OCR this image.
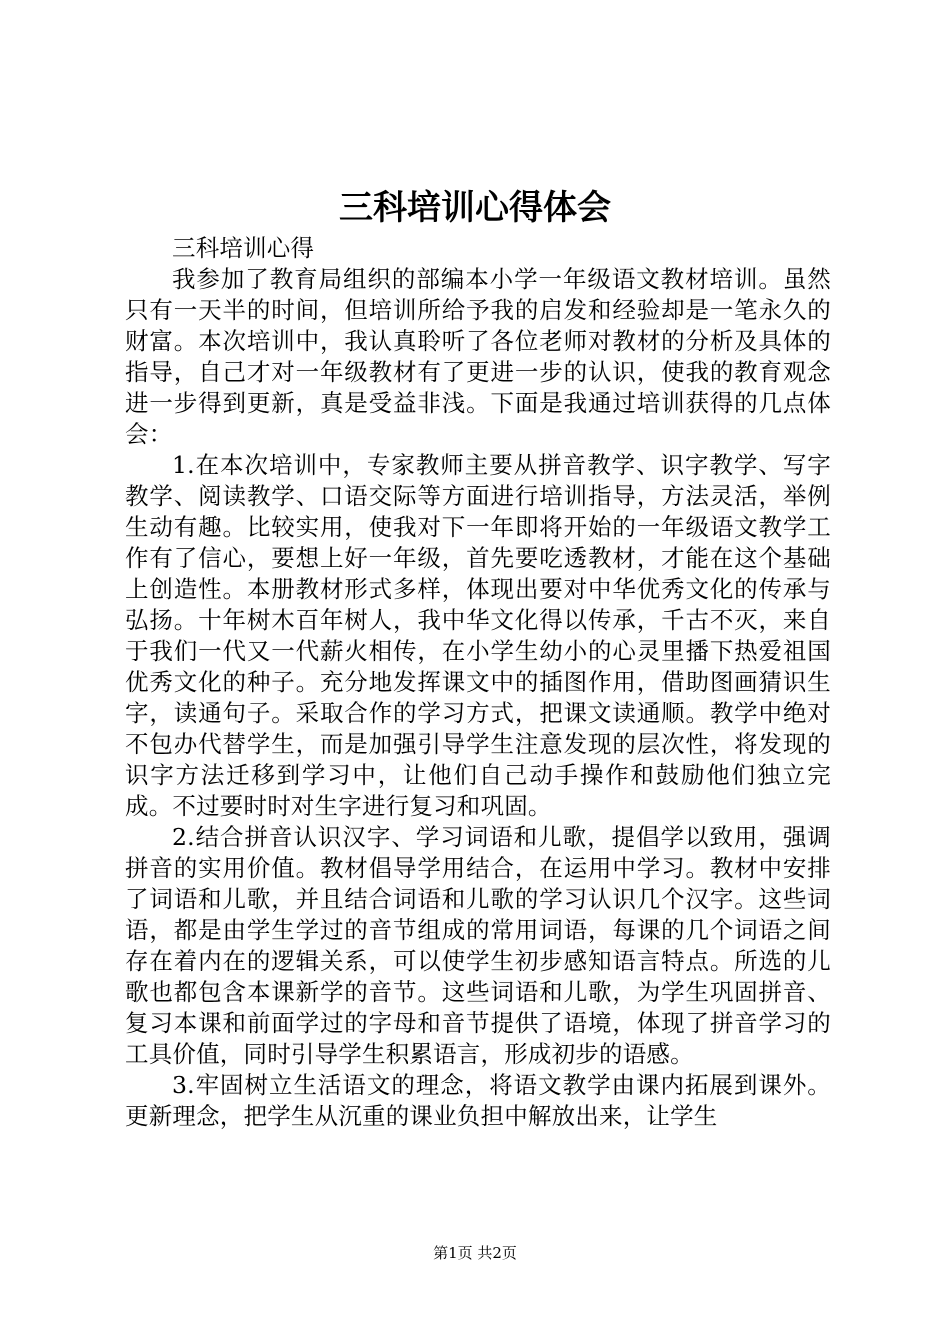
三科培训心得体会

三科培训心得

我参加了教育局组织的部编本小学一年级语文教材培训。虽然只有一天半的时间，但培训所给予我的启发和经验却是一笔永久的财富。本次培训中，我认真聆听了各位老师对教材的分析及具体的指导，自己才对一年级教材有了更进一步的认识，使我的教育观念进一步得到更新，真是受益非浅。下面是我通过培训获得的几点体会：

1.在本次培训中，专家教师主要从拼音教学、识字教学、写字教学、阅读教学、口语交际等方面进行培训指导，方法灵活，举例生动有趣。比较实用，使我对下一年即将开始的一年级语文教学工作有了信心，要想上好一年级，首先要吃透教材，才能在这个基础上创造性。本册教材形式多样，体现出要对中华优秀文化的传承与弘扬。十年树木百年树人，我中华文化得以传承，千古不灭，来自于我们一代又一代薪火相传，在小学生幼小的心灵里播下热爱祖国优秀文化的种子。充分地发挥课文中的插图作用，借助图画猜识生字，读通句子。采取合作的学习方式，把课文读通顺。教学中绝对不包办代替学生，而是加强引导学生注意发现的层次性，将发现的识字方法迁移到学习中，让他们自己动手操作和鼓励他们独立完成。不过要时时对生字进行复习和巩固。

2.结合拼音认识汉字、学习词语和儿歌，提倡学以致用，强调拼音的实用价值。教材倡导学用结合，在运用中学习。教材中安排了词语和儿歌，并且结合词语和儿歌的学习认识几个汉字。这些词语，都是由学生学过的音节组成的常用词语，每课的几个词语之间存在着内在的逻辑关系，可以使学生初步感知语言特点。所选的儿歌也都包含本课新学的音节。这些词语和儿歌，为学生巩固拼音、复习本课和前面学过的字母和音节提供了语境，体现了拼音学习的工具价值，同时引导学生积累语言，形成初步的语感。

3.牢固树立生活语文的理念，将语文教学由课内拓展到课外。更新理念，把学生从沉重的课业负担中解放出来，让学生

第1页 共2页
